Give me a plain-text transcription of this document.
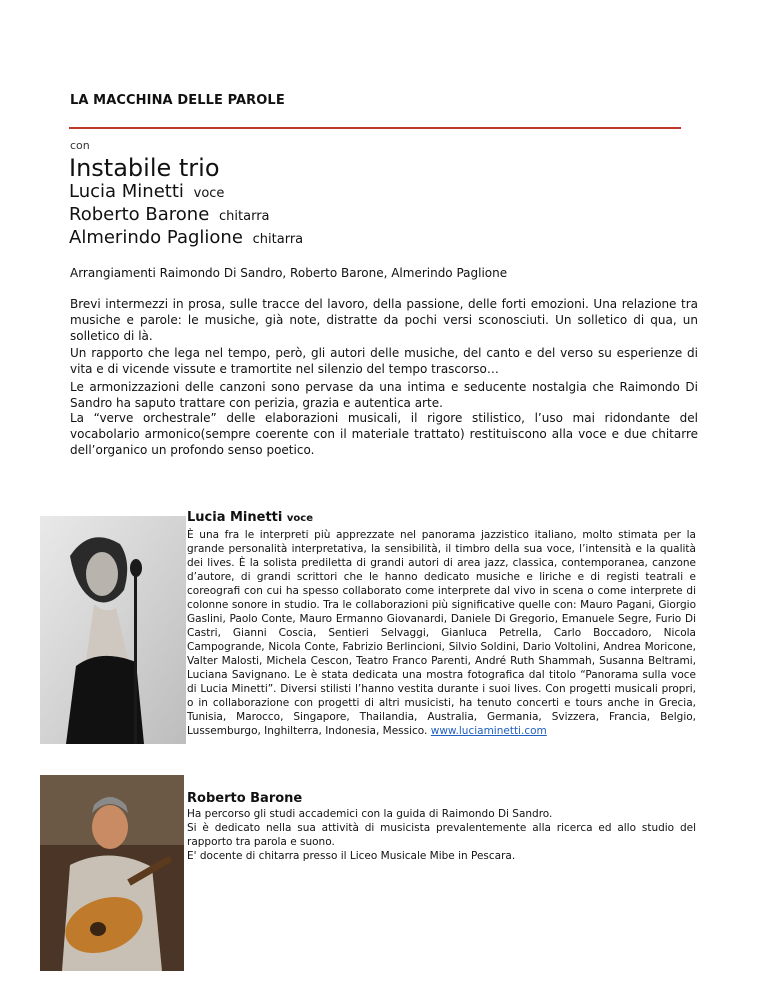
LA MACCHINA DELLE PAROLE
con
Instabile trio
Lucia Minetti voce
Roberto Barone chitarra
Almerindo Paglione chitarra

Arrangiamenti Raimondo Di Sandro, Roberto Barone, Almerindo Paglione

Brevi intermezzi in prosa, sulle tracce del lavoro, della passione, delle forti emozioni. Una relazione tra musiche e parole: le musiche, già note, distratte da pochi versi sconosciuti. Un solletico di qua, un solletico di là.

Un rapporto che lega nel tempo, però, gli autori delle musiche, del canto e del verso su esperienze di vita e di vicende vissute e tramortite nel silenzio del tempo trascorso…

Le armonizzazioni delle canzoni sono pervase da una intima e seducente nostalgia che Raimondo Di Sandro ha saputo trattare con perizia, grazia e autentica arte.

La “verve orchestrale” delle elaborazioni musicali, il rigore stilistico, l’uso mai ridondante del vocabolario armonico(sempre coerente con il materiale trattato) restituiscono alla voce e due chitarre dell’organico un profondo senso poetico.

Lucia Minetti voce

È una fra le interpreti più apprezzate nel panorama jazzistico italiano, molto stimata per la grande personalità interpretativa, la sensibilità, il timbro della sua voce, l’intensità e la qualità dei lives. È la solista prediletta di grandi autori di area jazz, classica, contemporanea, canzone d’autore, di grandi scrittori che le hanno dedicato musiche e liriche e di registi teatrali e coreografi con cui ha spesso collaborato come interprete dal vivo in scena o come interprete di colonne sonore in studio. Tra le collaborazioni più significative quelle con: Mauro Pagani, Giorgio Gaslini, Paolo Conte, Mauro Ermanno Giovanardi, Daniele Di Gregorio, Emanuele Segre, Furio Di Castri, Gianni Coscia, Sentieri Selvaggi, Gianluca Petrella, Carlo Boccadoro, Nicola Campogrande, Nicola Conte, Fabrizio Berlincioni, Silvio Soldini, Dario Voltolini, Andrea Moricone, Valter Malosti, Michela Cescon, Teatro Franco Parenti, André Ruth Shammah, Susanna Beltrami, Luciana Savignano. Le è stata dedicata una mostra fotografica dal titolo “Panorama sulla voce di Lucia Minetti”. Diversi stilisti l’hanno vestita durante i suoi lives. Con progetti musicali propri, o in collaborazione con progetti di altri musicisti, ha tenuto concerti e tours anche in Grecia, Tunisia, Marocco, Singapore, Thailandia, Australia, Germania, Svizzera, Francia, Belgio, Lussemburgo, Inghilterra, Indonesia, Messico. www.luciaminetti.com

Roberto Barone

Ha percorso gli studi accademici con la guida di Raimondo Di Sandro.

Si è dedicato nella sua attività di musicista prevalentemente alla ricerca ed allo studio del rapporto tra parola e suono.

E' docente di chitarra presso il Liceo Musicale Mibe in Pescara.
